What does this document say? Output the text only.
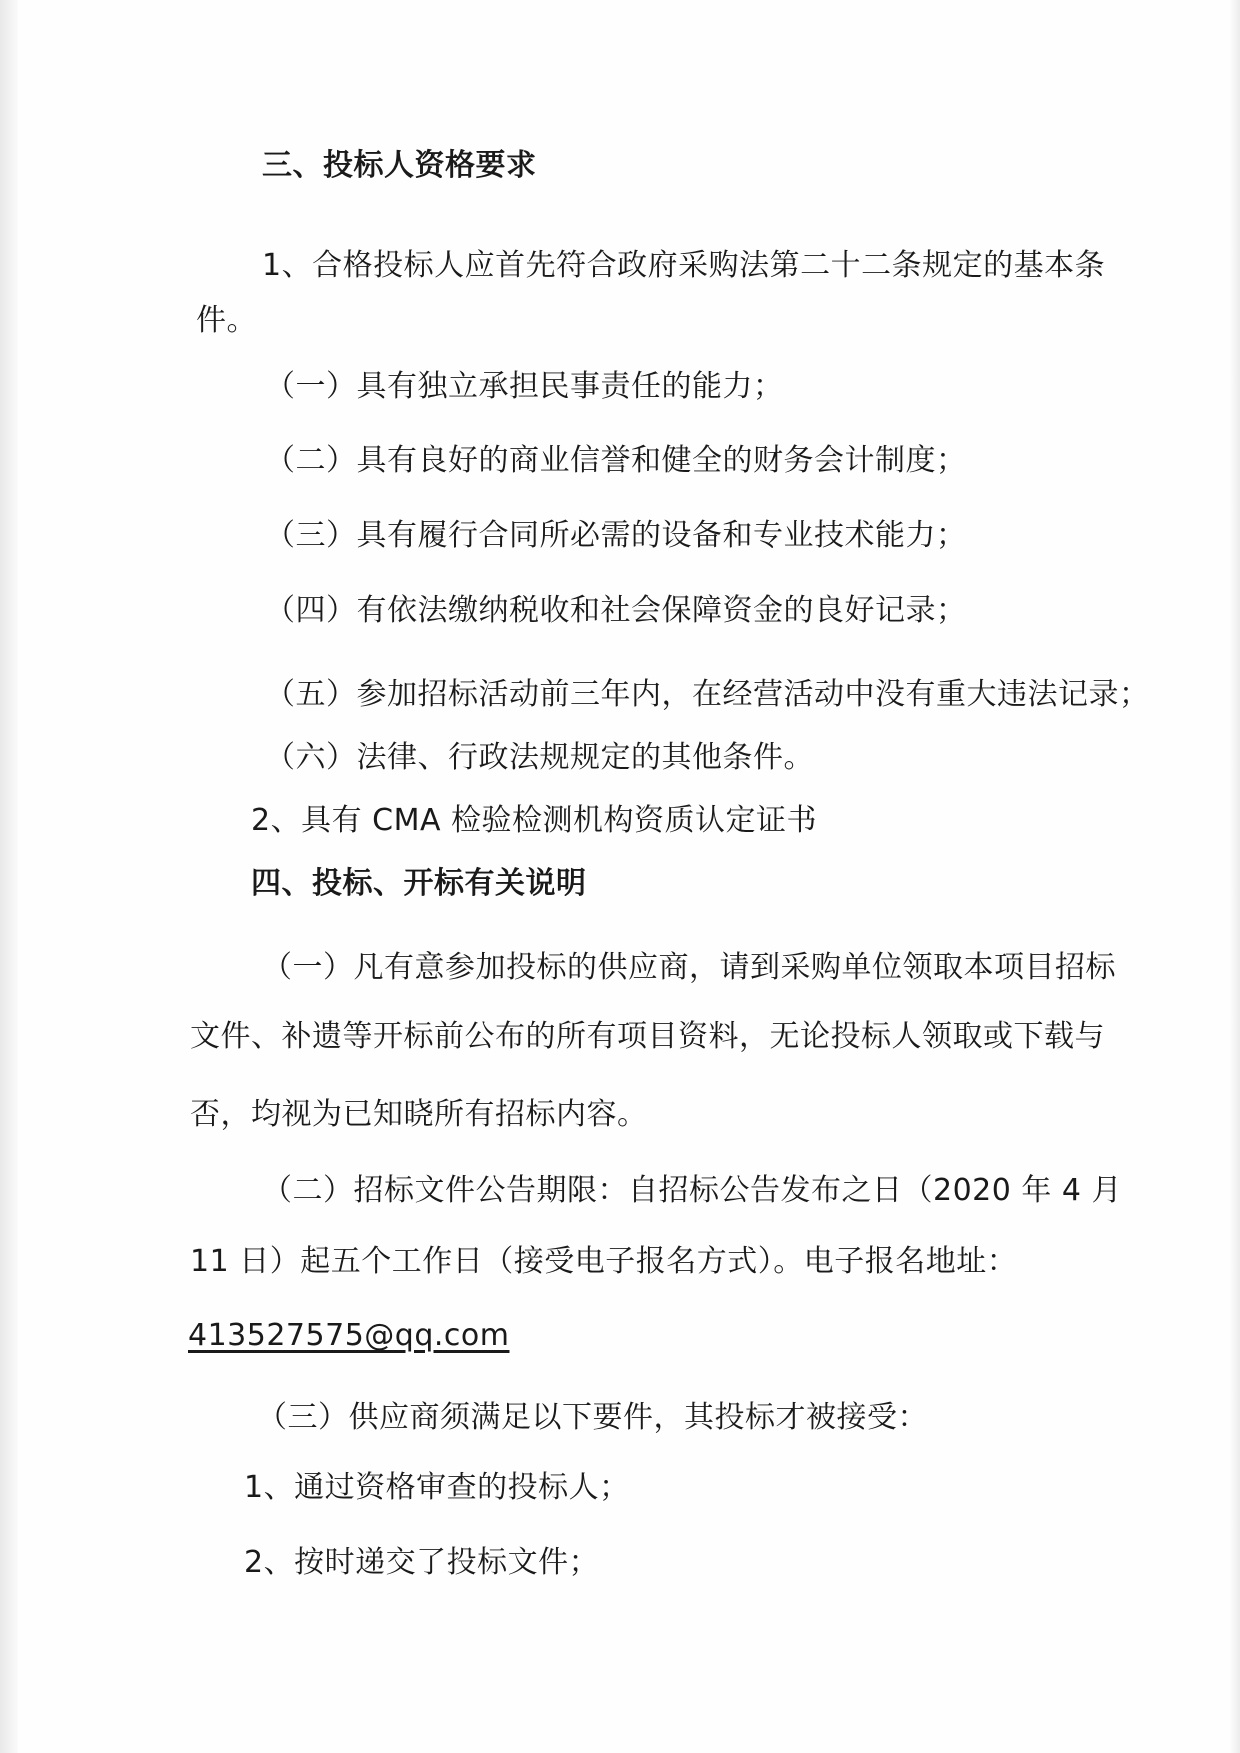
三、投标人资格要求
1、合格投标人应首先符合政府采购法第二十二条规定的基本条
件。
（一）具有独立承担民事责任的能力；
（二）具有良好的商业信誉和健全的财务会计制度；
（三）具有履行合同所必需的设备和专业技术能力；
（四）有依法缴纳税收和社会保障资金的良好记录；
（五）参加招标活动前三年内，在经营活动中没有重大违法记录；
（六）法律、行政法规规定的其他条件。
2、具有 CMA 检验检测机构资质认定证书
四、投标、开标有关说明
（一）凡有意参加投标的供应商，请到采购单位领取本项目招标
文件、补遗等开标前公布的所有项目资料，无论投标人领取或下载与
否，均视为已知晓所有招标内容。
（二）招标文件公告期限：自招标公告发布之日（2020 年 4 月
11 日）起五个工作日（接受电子报名方式）。电子报名地址：
413527575@qq.com
（三）供应商须满足以下要件，其投标才被接受：
1、通过资格审查的投标人；
2、按时递交了投标文件；
